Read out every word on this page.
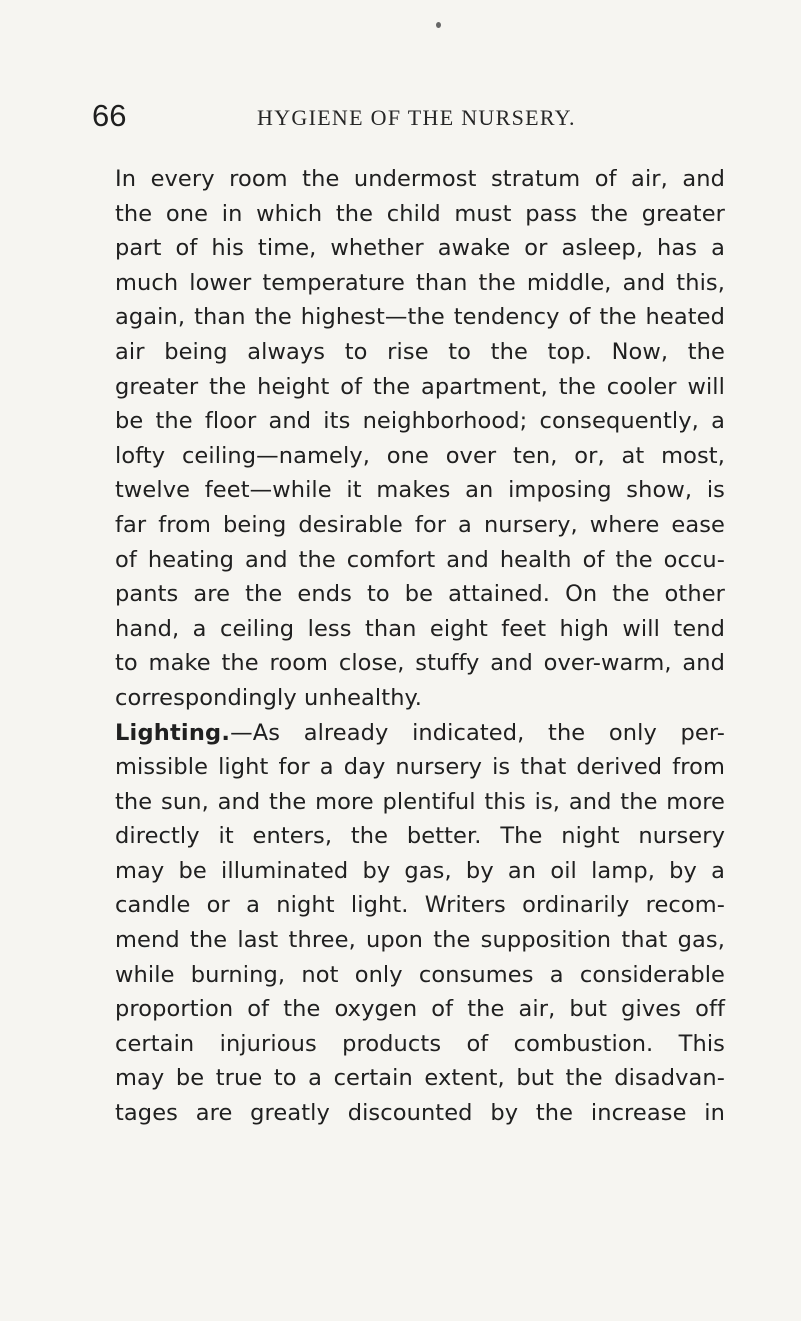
66	HYGIENE OF THE NURSERY.
In every room the undermost stratum of air, and
the one in which the child must pass the greater
part of his time, whether awake or asleep, has a
much lower temperature than the middle, and this,
again, than the highest—the tendency of the heated
air being always to rise to the top. Now, the
greater the height of the apartment, the cooler will
be the floor and its neighborhood; consequently, a
lofty ceiling—namely, one over ten, or, at most,
twelve feet—while it makes an imposing show, is
far from being desirable for a nursery, where ease
of heating and the comfort and health of the occu-
pants are the ends to be attained. On the other
hand, a ceiling less than eight feet high will tend
to make the room close, stuffy and over-warm, and
correspondingly unhealthy.
Lighting.—As already indicated, the only per-
missible light for a day nursery is that derived from
the sun, and the more plentiful this is, and the more
directly it enters, the better. The night nursery
may be illuminated by gas, by an oil lamp, by a
candle or a night light. Writers ordinarily recom-
mend the last three, upon the supposition that gas,
while burning, not only consumes a considerable
proportion of the oxygen of the air, but gives off
certain injurious products of combustion. This
may be true to a certain extent, but the disadvan-
tages are greatly discounted by the increase in
